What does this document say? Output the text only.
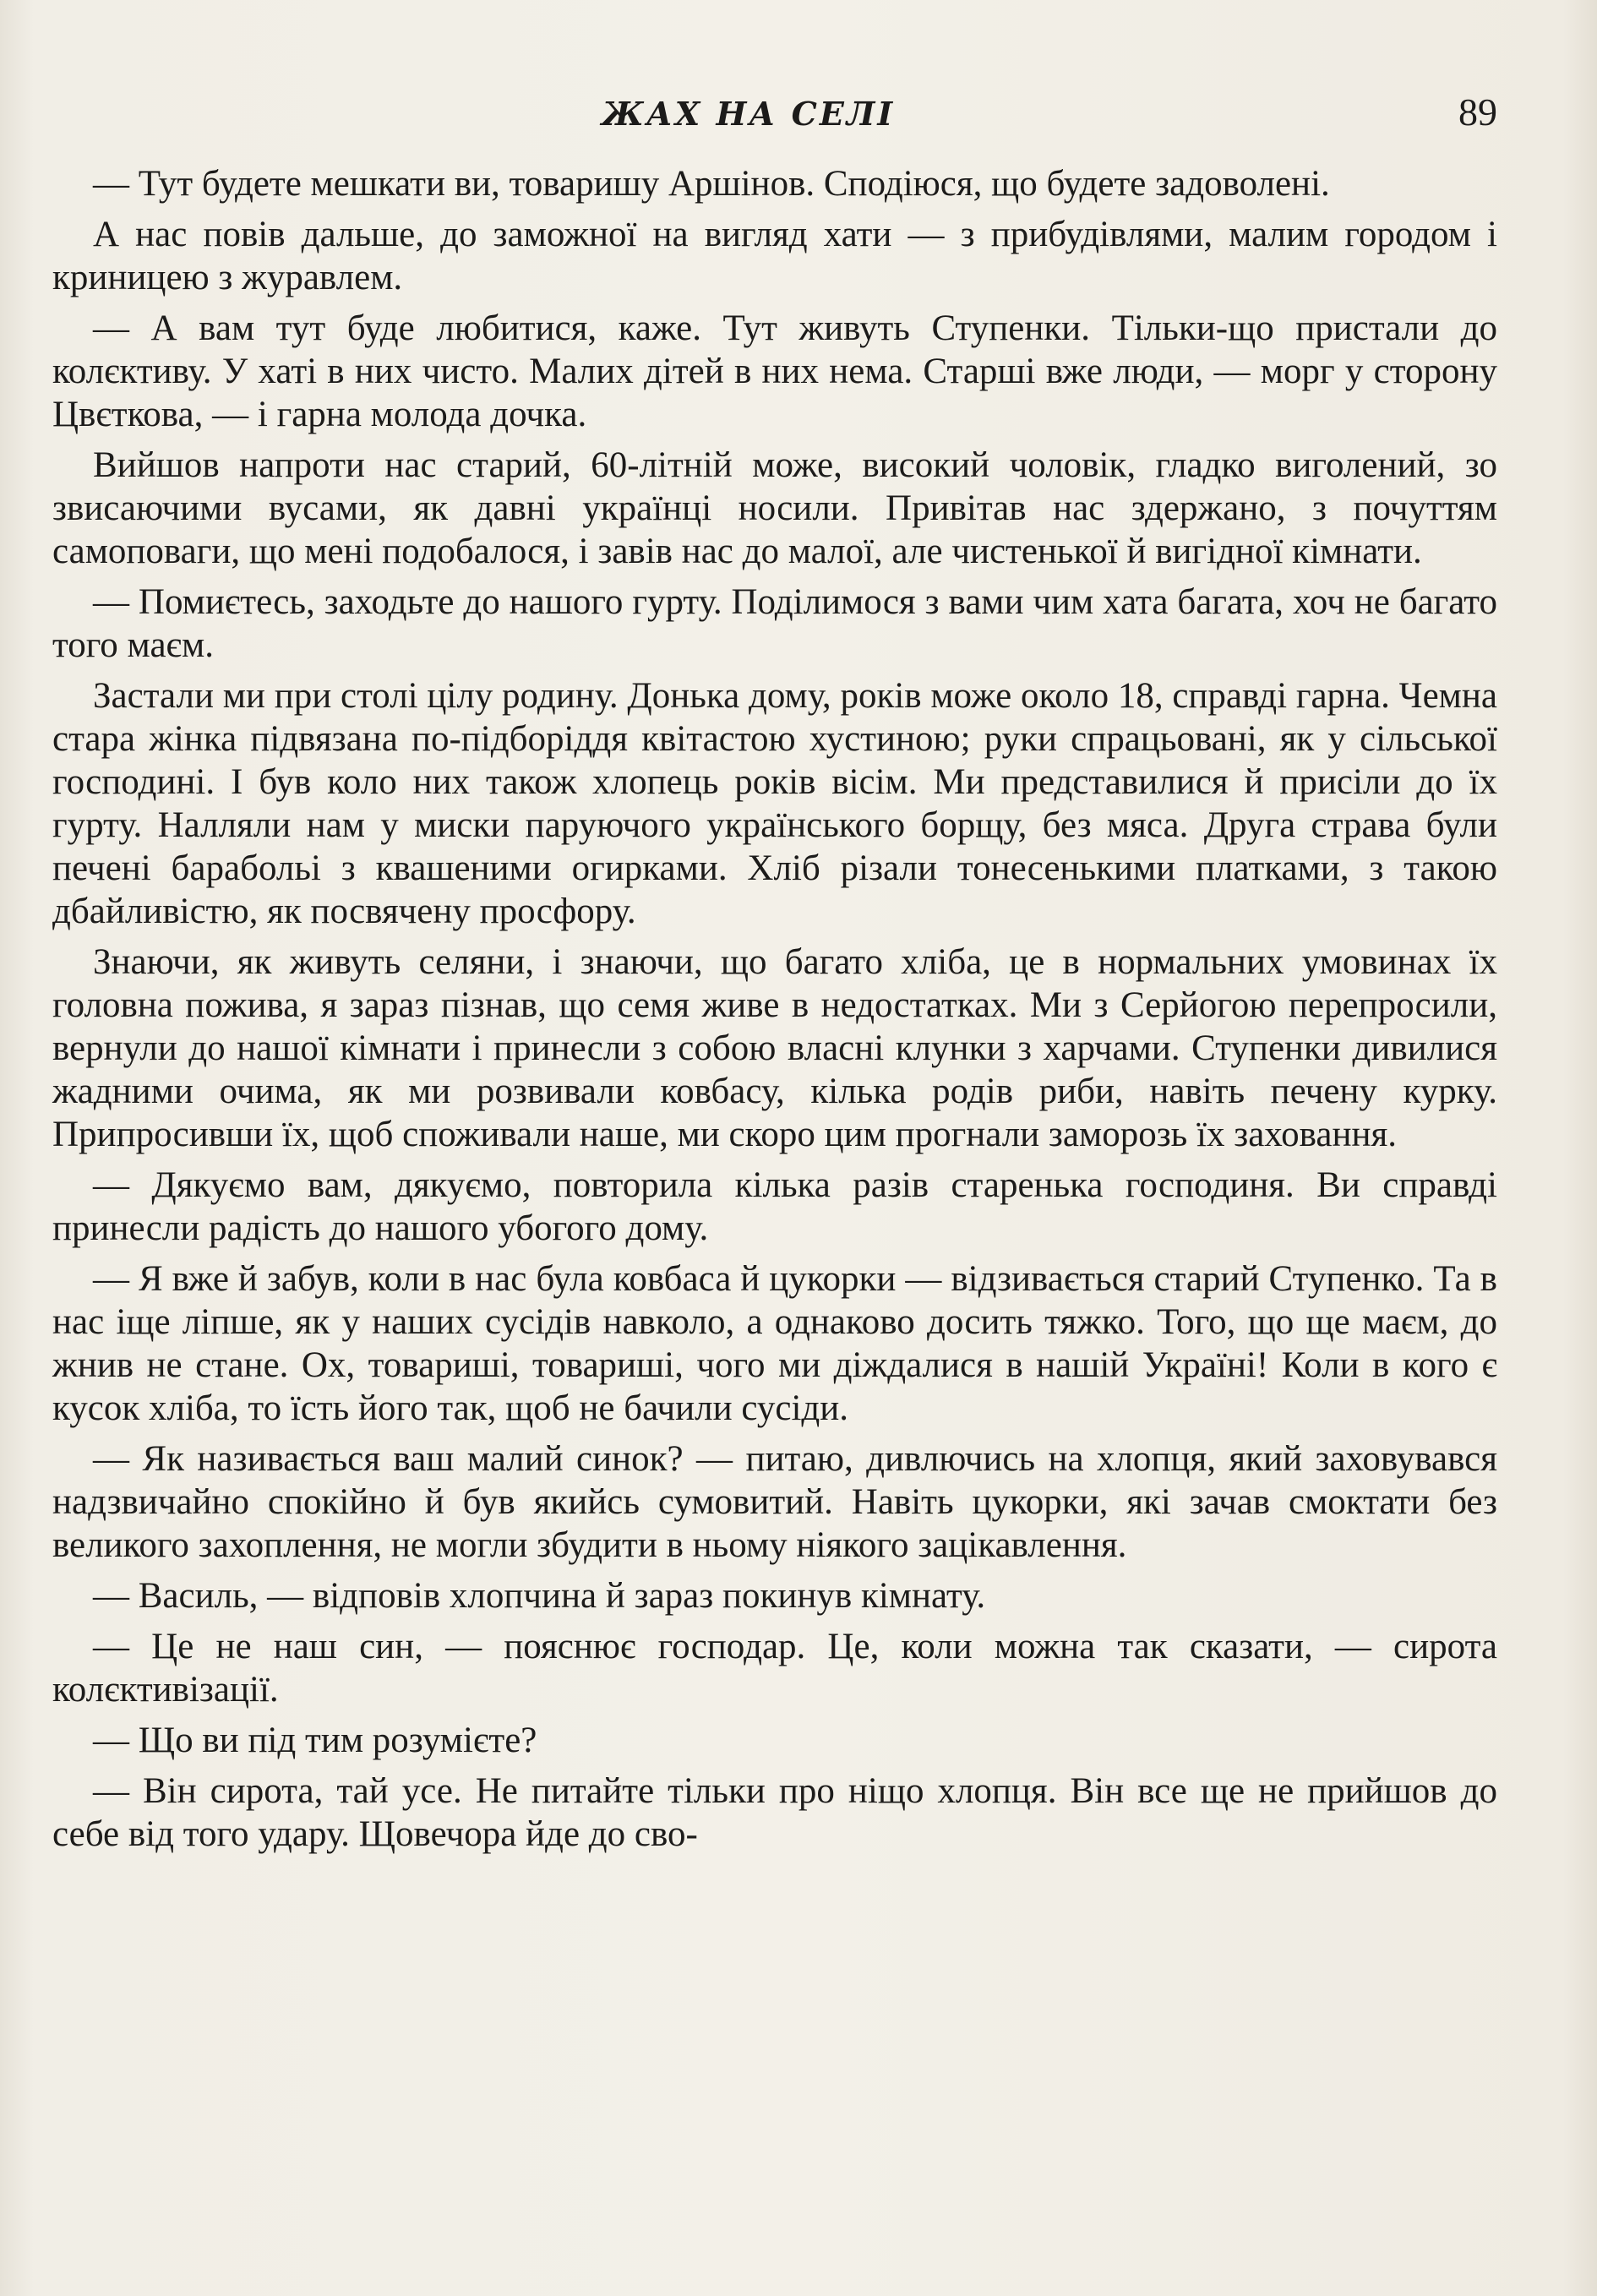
ЖАХ НА СЕЛІ	89

— Тут будете мешкати ви, товаришу Аршінов. Сподіюся, що будете задоволені.

А нас повів дальше, до заможної на вигляд хати — з прибудівлями, малим городом і криницею з журавлем.

— А вам тут буде любитися, каже. Тут живуть Ступенки. Тільки-що пристали до колєктиву. У хаті в них чисто. Малих дітей в них нема. Старші вже люди, — морг у сторону Цвєткова, — і гарна молода дочка.

Вийшов напроти нас старий, 60-літній може, високий чоловік, гладко виголений, зо звисаючими вусами, як давні українці носили. Привітав нас здержано, з почуттям самоповаги, що мені подобалося, і завів нас до малої, але чистенької й вигідної кімнати.

— Помиєтесь, заходьте до нашого гурту. Поділимося з вами чим хата багата, хоч не багато того маєм.

Застали ми при столі цілу родину. Донька дому, років може около 18, справді гарна. Чемна стара жінка підвязана по-підборіддя квітастою хустиною; руки спрацьовані, як у сільської господині. І був коло них також хлопець років вісім. Ми представилися й присіли до їх гурту. Налляли нам у миски паруючого українського борщу, без мяса. Друга страва були печені барабольі з квашеними огирками. Хліб різали тонесенькими платками, з такою дбайливістю, як посвячену просфору.

Знаючи, як живуть селяни, і знаючи, що багато хліба, це в нормальних умовинах їх головна пожива, я зараз пізнав, що семя живе в недостатках. Ми з Серйогою перепросили, вернули до нашої кімнати і принесли з собою власні клунки з харчами. Ступенки дивилися жадними очима, як ми розвивали ковбасу, кілька родів риби, навіть печену курку. Припросивши їх, щоб споживали наше, ми скоро цим прогнали заморозь їх заховання.

— Дякуємо вам, дякуємо, повторила кілька разів старенька господиня. Ви справді принесли радість до нашого убогого дому.

— Я вже й забув, коли в нас була ковбаса й цукорки — відзивається старий Ступенко. Та в нас іще ліпше, як у наших сусідів навколо, а однаково досить тяжко. Того, що ще маєм, до жнив не стане. Ох, товариші, товариші, чого ми діждалися в нашій Україні! Коли в кого є кусок хліба, то їсть його так, щоб не бачили сусіди.

— Як називається ваш малий синок? — питаю, дивлючись на хлопця, який заховувався надзвичайно спокійно й був якийсь сумовитий. Навіть цукорки, які зачав смоктати без великого захоплення, не могли збудити в ньому ніякого зацікавлення.

— Василь, — відповів хлопчина й зараз покинув кімнату.

— Це не наш син, — пояснює господар. Це, коли можна так сказати, — сирота колєктивізації.

— Що ви під тим розумієте?

— Він сирота, тай усе. Не питайте тільки про ніщо хлопця. Він все ще не прийшов до себе від того удару. Щовечора йде до сво-
